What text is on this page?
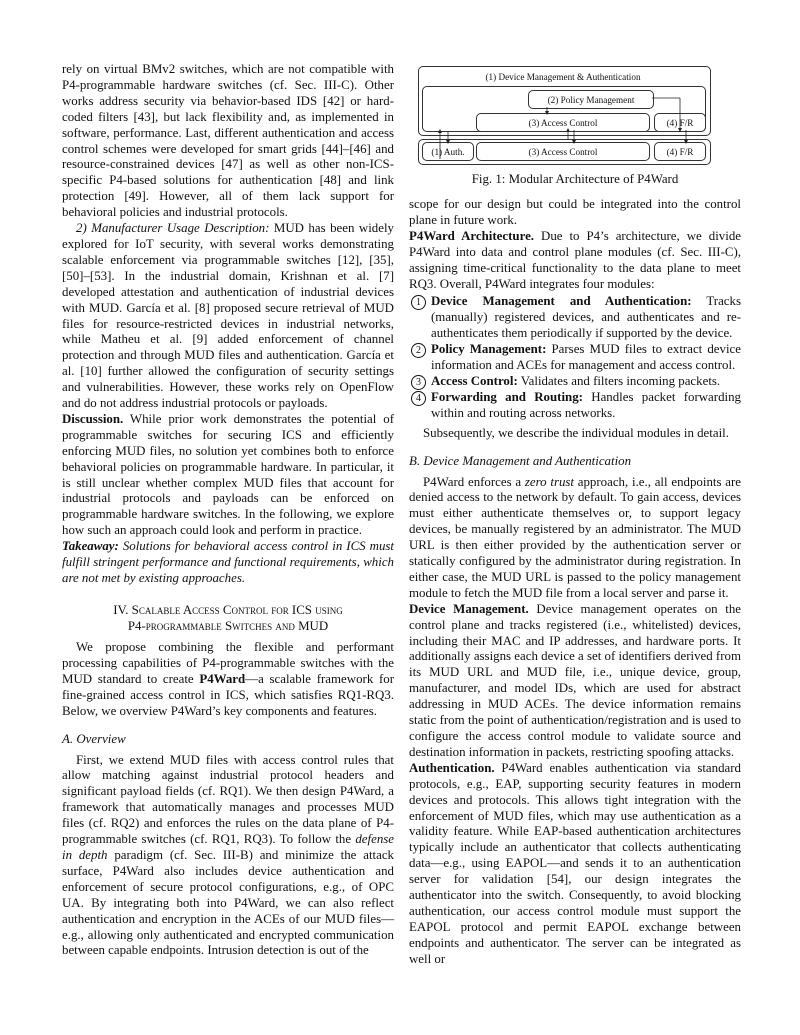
rely on virtual BMv2 switches, which are not compatible with P4-programmable hardware switches (cf. Sec. III-C). Other works address security via behavior-based IDS [42] or hard-coded filters [43], but lack flexibility and, as implemented in software, performance. Last, different authentication and access control schemes were developed for smart grids [44]–[46] and resource-constrained devices [47] as well as other non-ICS-specific P4-based solutions for authentication [48] and link protection [49]. However, all of them lack support for behavioral policies and industrial protocols.

2) Manufacturer Usage Description: MUD has been widely explored for IoT security, with several works demonstrating scalable enforcement via programmable switches [12], [35], [50]–[53]. In the industrial domain, Krishnan et al. [7] developed attestation and authentication of industrial devices with MUD. García et al. [8] proposed secure retrieval of MUD files for resource-restricted devices in industrial networks, while Matheu et al. [9] added enforcement of channel protection and through MUD files and authentication. García et al. [10] further allowed the configuration of security settings and vulnerabilities. However, these works rely on OpenFlow and do not address industrial protocols or payloads.

Discussion. While prior work demonstrates the potential of programmable switches for securing ICS and efficiently enforcing MUD files, no solution yet combines both to enforce behavioral policies on programmable hardware. In particular, it is still unclear whether complex MUD files that account for industrial protocols and payloads can be enforced on programmable hardware switches. In the following, we explore how such an approach could look and perform in practice.

Takeaway: Solutions for behavioral access control in ICS must fulfill stringent performance and functional requirements, which are not met by existing approaches.

IV. Scalable Access Control for ICS using
P4-programmable Switches and MUD

We propose combining the flexible and performant processing capabilities of P4-programmable switches with the MUD standard to create P4Ward—a scalable framework for fine-grained access control in ICS, which satisfies RQ1-RQ3. Below, we overview P4Ward’s key components and features.

A. Overview

First, we extend MUD files with access control rules that allow matching against industrial protocol headers and significant payload fields (cf. RQ1). We then design P4Ward, a framework that automatically manages and processes MUD files (cf. RQ2) and enforces the rules on the data plane of P4-programmable switches (cf. RQ1, RQ3). To follow the defense in depth paradigm (cf. Sec. III-B) and minimize the attack surface, P4Ward also includes device authentication and enforcement of secure protocol configurations, e.g., of OPC UA. By integrating both into P4Ward, we can also reflect authentication and encryption in the ACEs of our MUD files—e.g., allowing only authenticated and encrypted communication between capable endpoints. Intrusion detection is out of the

(1) Device Management & Authentication
(2) Policy Management
(3) Access Control	(4) F/R
(1) Auth.	(3) Access Control	(4) F/R
Fig. 1: Modular Architecture of P4Ward

scope for our design but could be integrated into the control plane in future work.

P4Ward Architecture. Due to P4’s architecture, we divide P4Ward into data and control plane modules (cf. Sec. III-C), assigning time-critical functionality to the data plane to meet RQ3. Overall, P4Ward integrates four modules:

1 Device Management and Authentication: Tracks (manually) registered devices, and authenticates and re-authenticates them periodically if supported by the device.
2 Policy Management: Parses MUD files to extract device information and ACEs for management and access control.
3 Access Control: Validates and filters incoming packets.
4 Forwarding and Routing: Handles packet forwarding within and routing across networks.

Subsequently, we describe the individual modules in detail.

B. Device Management and Authentication

P4Ward enforces a zero trust approach, i.e., all endpoints are denied access to the network by default. To gain access, devices must either authenticate themselves or, to support legacy devices, be manually registered by an administrator. The MUD URL is then either provided by the authentication server or statically configured by the administrator during registration. In either case, the MUD URL is passed to the policy management module to fetch the MUD file from a local server and parse it.

Device Management. Device management operates on the control plane and tracks registered (i.e., whitelisted) devices, including their MAC and IP addresses, and hardware ports. It additionally assigns each device a set of identifiers derived from its MUD URL and MUD file, i.e., unique device, group, manufacturer, and model IDs, which are used for abstract addressing in MUD ACEs. The device information remains static from the point of authentication/registration and is used to configure the access control module to validate source and destination information in packets, restricting spoofing attacks.

Authentication. P4Ward enables authentication via standard protocols, e.g., EAP, supporting security features in modern devices and protocols. This allows tight integration with the enforcement of MUD files, which may use authentication as a validity feature. While EAP-based authentication architectures typically include an authenticator that collects authenticating data—e.g., using EAPOL—and sends it to an authentication server for validation [54], our design integrates the authenticator into the switch. Consequently, to avoid blocking authentication, our access control module must support the EAPOL protocol and permit EAPOL exchange between endpoints and authenticator. The server can be integrated as well or
